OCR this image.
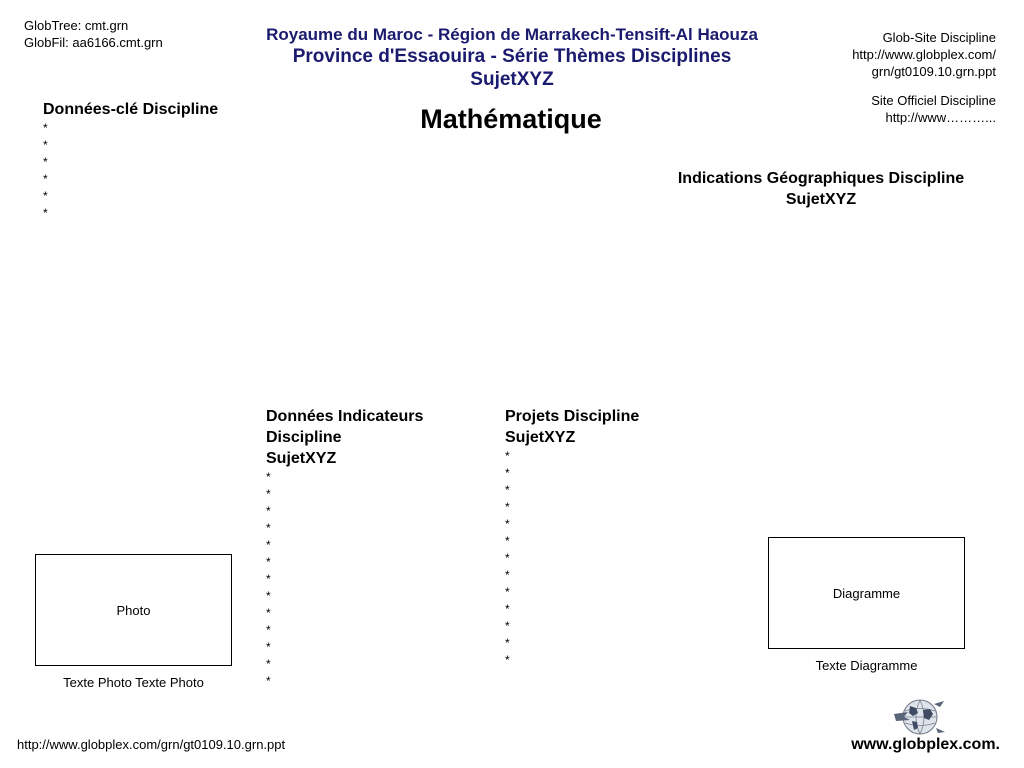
GlobTree: cmt.grn
GlobFil: aa6166.cmt.grn	Royaume du Maroc - Région de Marrakech-Tensift-Al Haouza
Province d'Essaouira - Série Thèmes Disciplines
SujetXYZ
Glob-Site Discipline
http://www.globplex.com/
grn/gt0109.10.grn.ppt
Site Officiel Discipline
http://www………...
Mathématique
Données-clé Discipline
*
*
*
*
*
*
Indications Géographiques Discipline
SujetXYZ
Données Indicateurs
Discipline
SujetXYZ
*
*
*
*
*
*
*
*
*
*
*
*
*
Projets Discipline
SujetXYZ
*
*
*
*
*
*
*
*
*
*
*
*
*
Photo
Texte Photo Texte Photo
Diagramme
Texte Diagramme
http://www.globplex.com/grn/gt0109.10.grn.ppt	www.globplex.com.
